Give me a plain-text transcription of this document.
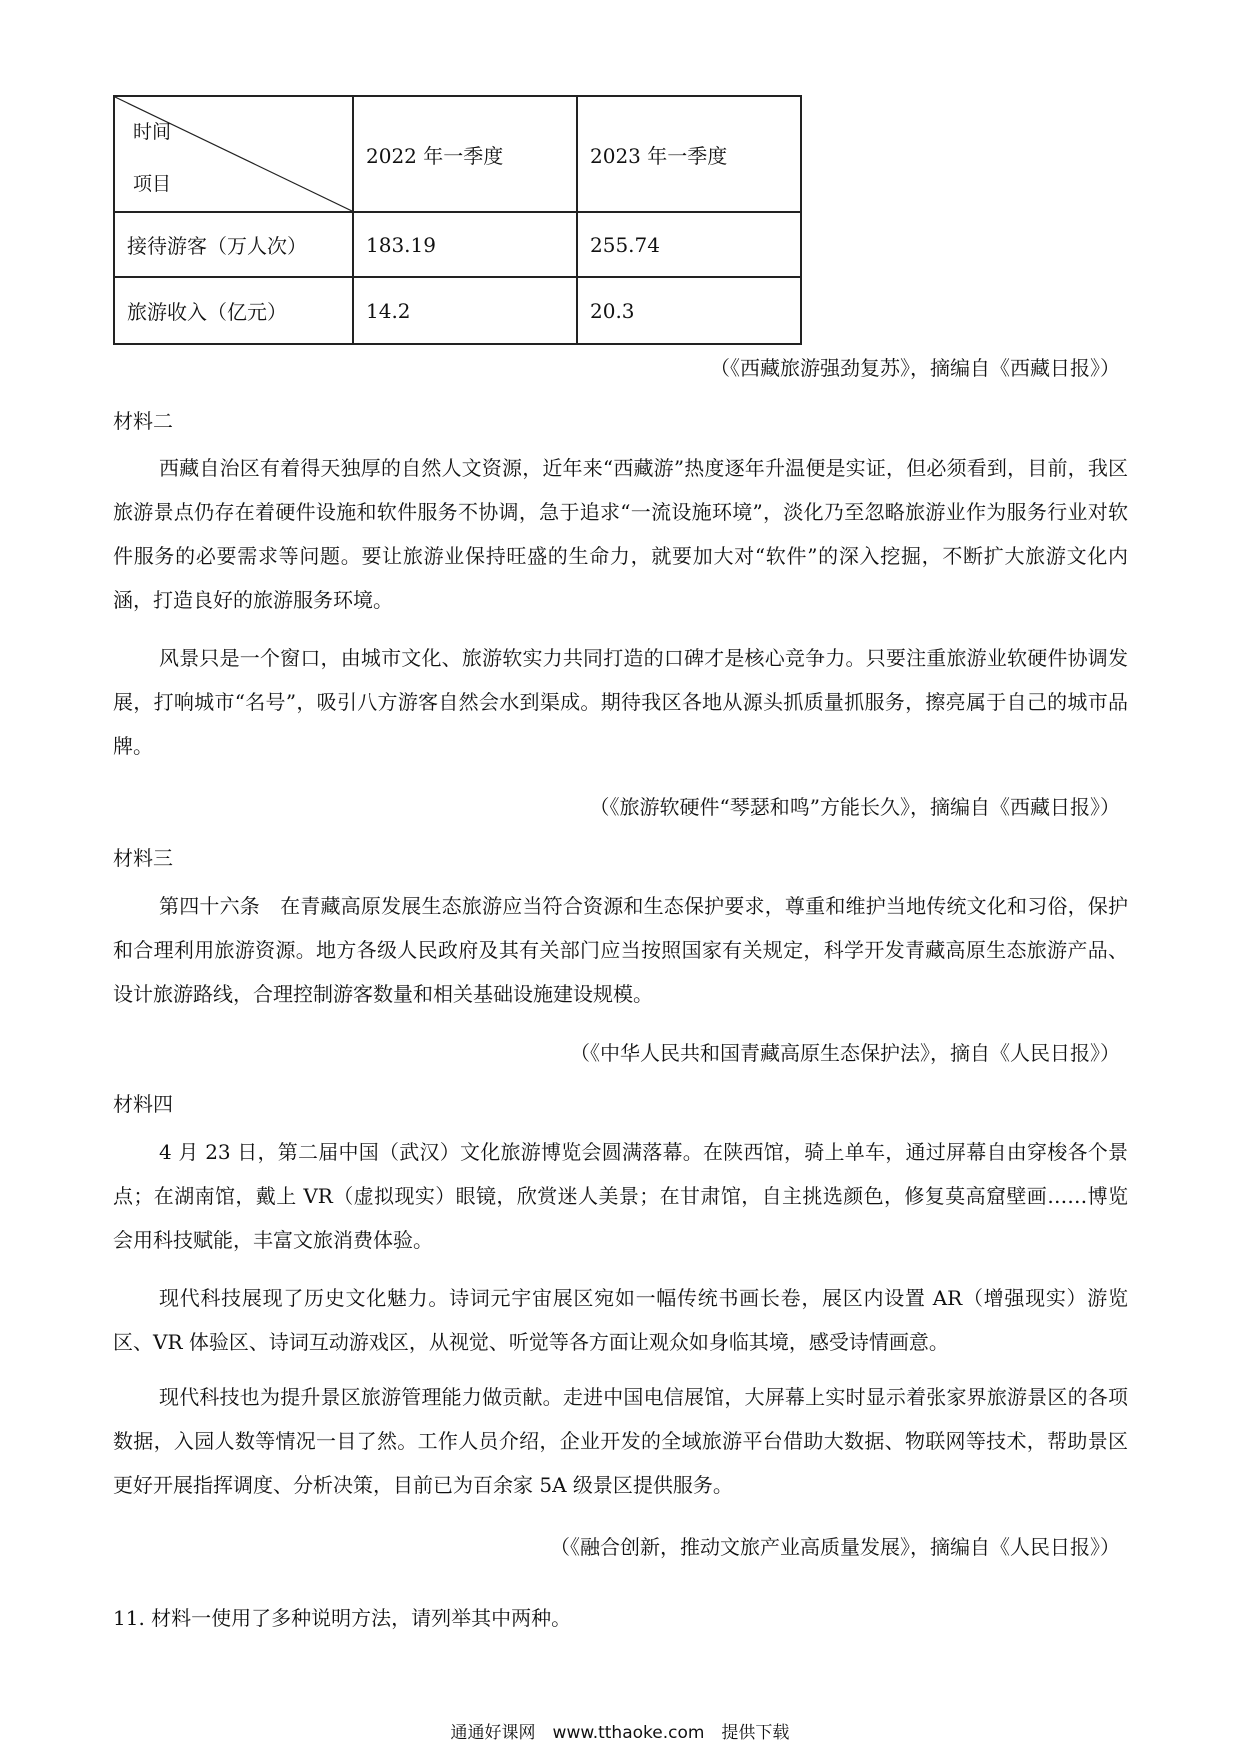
时间
项目	2022 年一季度	2023 年一季度
接待游客（万人次）	183.19	255.74
旅游收入（亿元）	14.2	20.3
（《西藏旅游强劲复苏》，摘编自《西藏日报》）
材料二

西藏自治区有着得天独厚的自然人文资源，近年来“西藏游”热度逐年升温便是实证，但必须看到，目前，我区旅游景点仍存在着硬件设施和软件服务不协调，急于追求“一流设施环境”，淡化乃至忽略旅游业作为服务行业对软件服务的必要需求等问题。要让旅游业保持旺盛的生命力，就要加大对“软件”的深入挖掘，不断扩大旅游文化内涵，打造良好的旅游服务环境。

风景只是一个窗口，由城市文化、旅游软实力共同打造的口碑才是核心竞争力。只要注重旅游业软硬件协调发展，打响城市“名号”，吸引八方游客自然会水到渠成。期待我区各地从源头抓质量抓服务，擦亮属于自己的城市品牌。

（《旅游软硬件“琴瑟和鸣”方能长久》，摘编自《西藏日报》）
材料三

第四十六条　在青藏高原发展生态旅游应当符合资源和生态保护要求，尊重和维护当地传统文化和习俗，保护和合理利用旅游资源。地方各级人民政府及其有关部门应当按照国家有关规定，科学开发青藏高原生态旅游产品、设计旅游路线，合理控制游客数量和相关基础设施建设规模。

（《中华人民共和国青藏高原生态保护法》，摘自《人民日报》）
材料四

4 月 23 日，第二届中国（武汉）文化旅游博览会圆满落幕。在陕西馆，骑上单车，通过屏幕自由穿梭各个景点；在湖南馆，戴上 VR（虚拟现实）眼镜，欣赏迷人美景；在甘肃馆，自主挑选颜色，修复莫高窟壁画……博览会用科技赋能，丰富文旅消费体验。

现代科技展现了历史文化魅力。诗词元宇宙展区宛如一幅传统书画长卷，展区内设置 AR（增强现实）游览区、VR 体验区、诗词互动游戏区，从视觉、听觉等各方面让观众如身临其境，感受诗情画意。

现代科技也为提升景区旅游管理能力做贡献。走进中国电信展馆，大屏幕上实时显示着张家界旅游景区的各项数据，入园人数等情况一目了然。工作人员介绍，企业开发的全域旅游平台借助大数据、物联网等技术，帮助景区更好开展指挥调度、分析决策，目前已为百余家 5A 级景区提供服务。

（《融合创新，推动文旅产业高质量发展》，摘编自《人民日报》）
11. 材料一使用了多种说明方法，请列举其中两种。
通通好课网　www.tthaoke.com　提供下载
